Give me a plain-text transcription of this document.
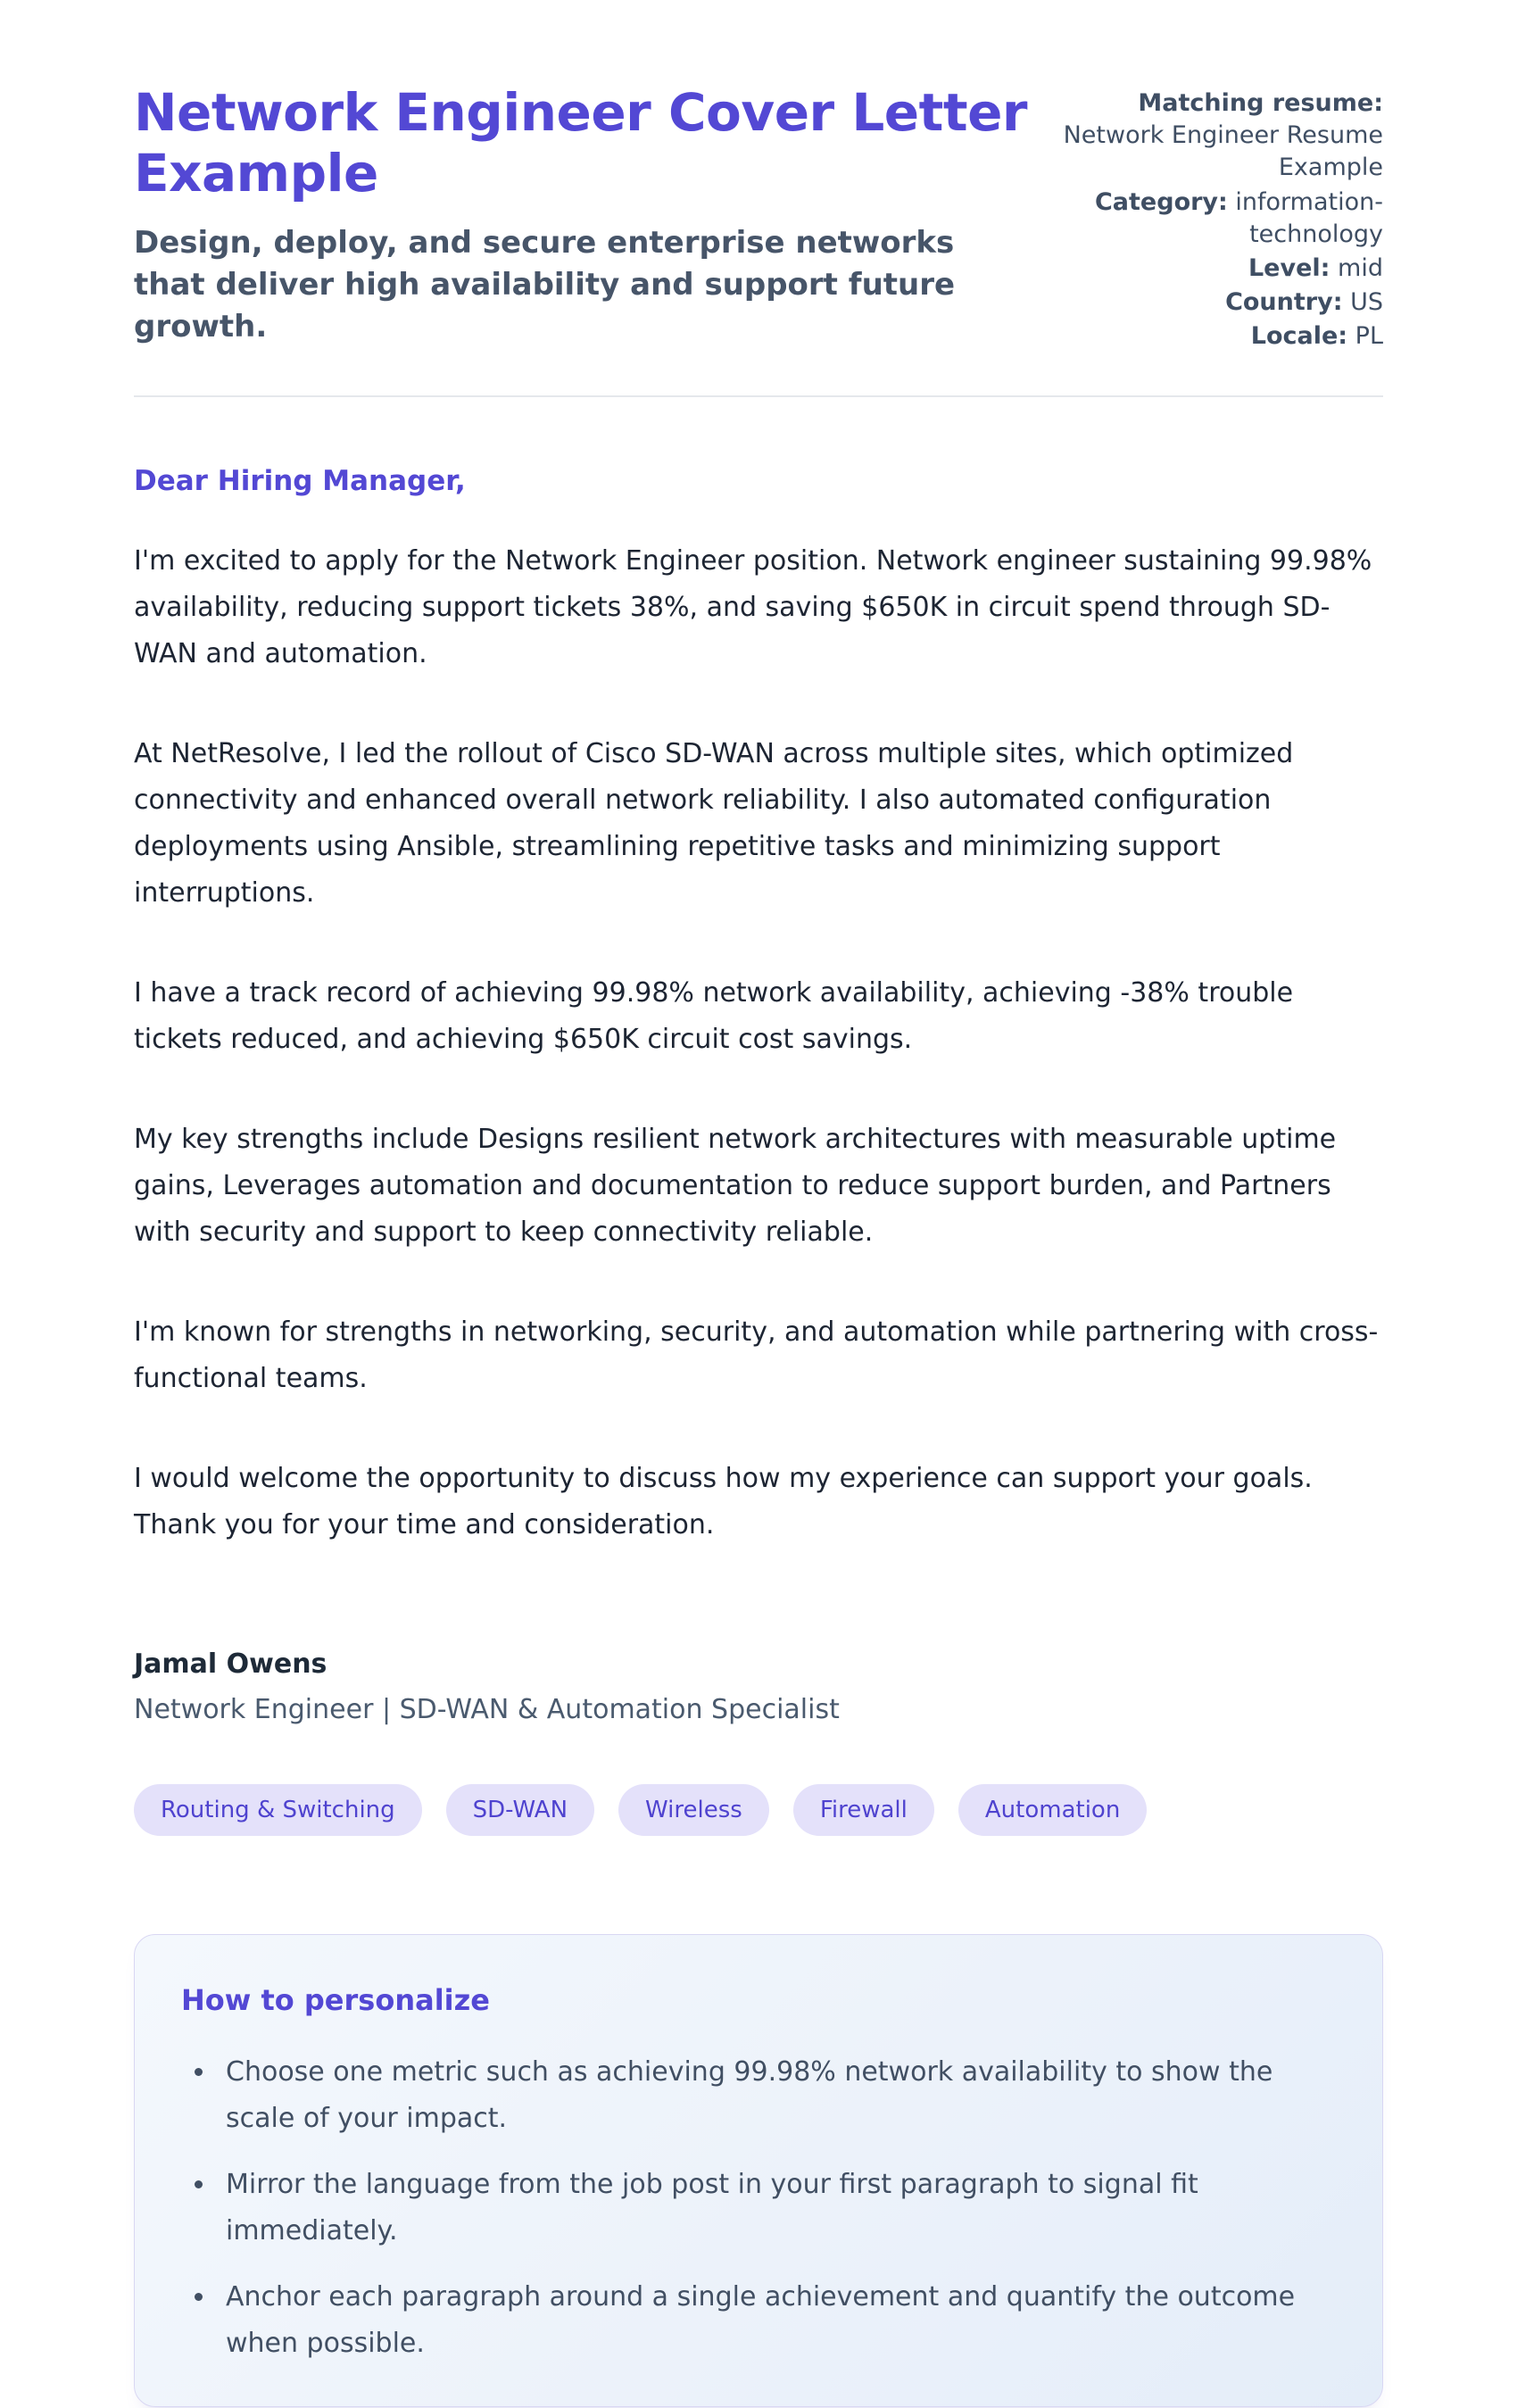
Network Engineer Cover Letter Example
Design, deploy, and secure enterprise networks that deliver high availability and support future growth.
Matching resume: Network Engineer Resume Example
Category: information-technology
Level: mid
Country: US
Locale: PL
Dear Hiring Manager,

I'm excited to apply for the Network Engineer position. Network engineer sustaining 99.98% availability, reducing support tickets 38%, and saving $650K in circuit spend through SD-WAN and automation.

At NetResolve, I led the rollout of Cisco SD-WAN across multiple sites, which optimized connectivity and enhanced overall network reliability. I also automated configuration deployments using Ansible, streamlining repetitive tasks and minimizing support interruptions.

I have a track record of achieving 99.98% network availability, achieving -38% trouble tickets reduced, and achieving $650K circuit cost savings.

My key strengths include Designs resilient network architectures with measurable uptime gains, Leverages automation and documentation to reduce support burden, and Partners with security and support to keep connectivity reliable.

I'm known for strengths in networking, security, and automation while partnering with cross-functional teams.

I would welcome the opportunity to discuss how my experience can support your goals. Thank you for your time and consideration.

Jamal Owens
Network Engineer | SD-WAN & Automation Specialist
Routing & Switching	SD-WAN	Wireless	Firewall	Automation
How to personalize
• Choose one metric such as achieving 99.98% network availability to show the scale of your impact.
• Mirror the language from the job post in your first paragraph to signal fit immediately.
• Anchor each paragraph around a single achievement and quantify the outcome when possible.
